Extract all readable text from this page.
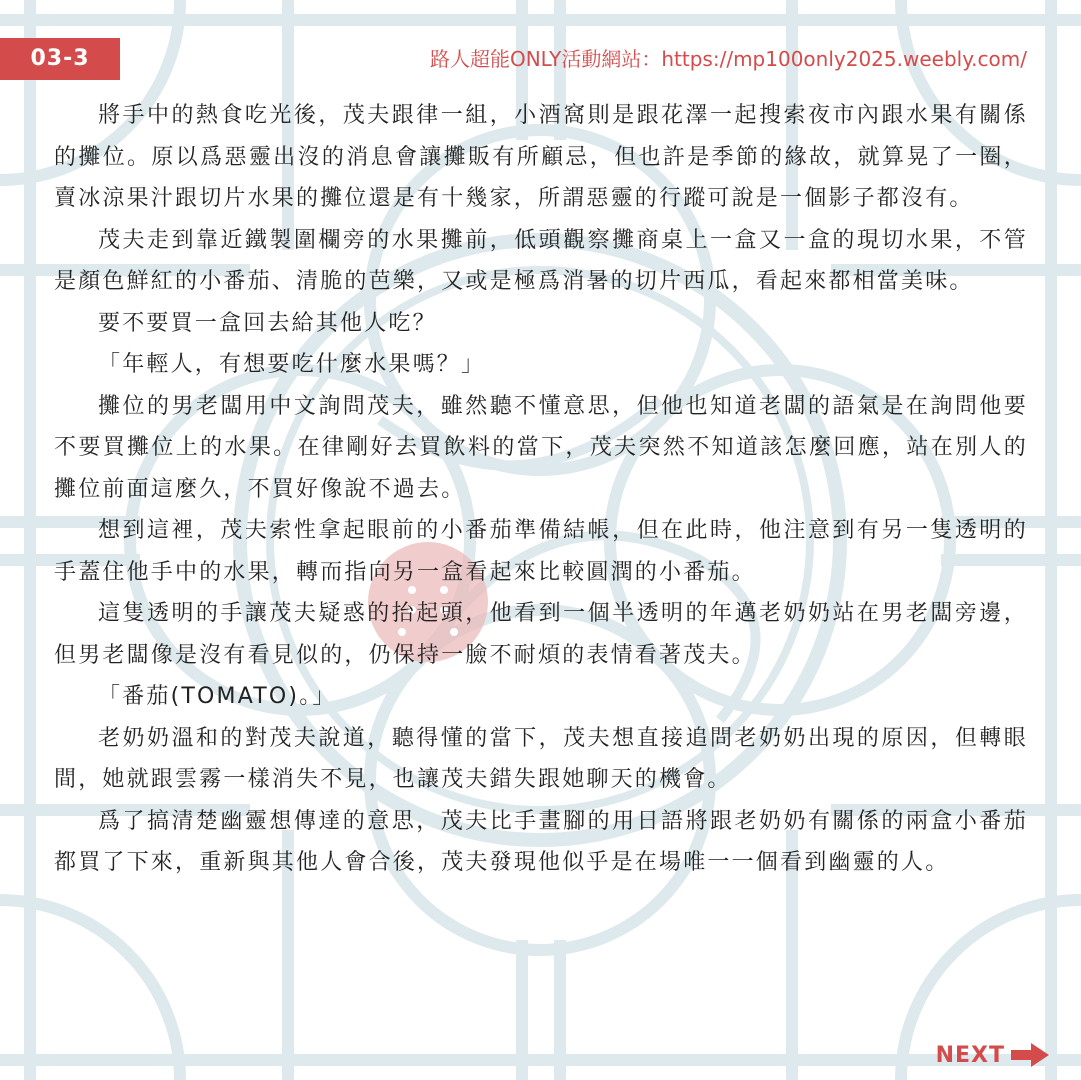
03-3	路人超能ONLY活動網站：https://mp100only2025.weebly.com/

將手中的熱食吃光後，茂夫跟律一組，小酒窩則是跟花澤一起搜索夜市內跟水果有關係的攤位。原以爲惡靈出沒的消息會讓攤販有所顧忌，但也許是季節的緣故，就算晃了一圈，賣冰涼果汁跟切片水果的攤位還是有十幾家，所謂惡靈的行蹤可說是一個影子都沒有。

茂夫走到靠近鐵製圍欄旁的水果攤前，低頭觀察攤商桌上一盒又一盒的現切水果，不管是顏色鮮紅的小番茄、清脆的芭樂，又或是極爲消暑的切片西瓜，看起來都相當美味。

要不要買一盒回去給其他人吃？

「年輕人，有想要吃什麼水果嗎？」

攤位的男老闆用中文詢問茂夫，雖然聽不懂意思，但他也知道老闆的語氣是在詢問他要不要買攤位上的水果。在律剛好去買飲料的當下，茂夫突然不知道該怎麼回應，站在別人的攤位前面這麼久，不買好像說不過去。

想到這裡，茂夫索性拿起眼前的小番茄準備結帳，但在此時，他注意到有另一隻透明的手蓋住他手中的水果，轉而指向另一盒看起來比較圓潤的小番茄。

這隻透明的手讓茂夫疑惑的抬起頭，他看到一個半透明的年邁老奶奶站在男老闆旁邊，但男老闆像是沒有看見似的，仍保持一臉不耐煩的表情看著茂夫。

「番茄(TOMATO)。」

老奶奶溫和的對茂夫說道，聽得懂的當下，茂夫想直接追問老奶奶出現的原因，但轉眼間，她就跟雲霧一樣消失不見，也讓茂夫錯失跟她聊天的機會。

爲了搞清楚幽靈想傳達的意思，茂夫比手畫腳的用日語將跟老奶奶有關係的兩盒小番茄都買了下來，重新與其他人會合後，茂夫發現他似乎是在場唯一一個看到幽靈的人。

NEXT
